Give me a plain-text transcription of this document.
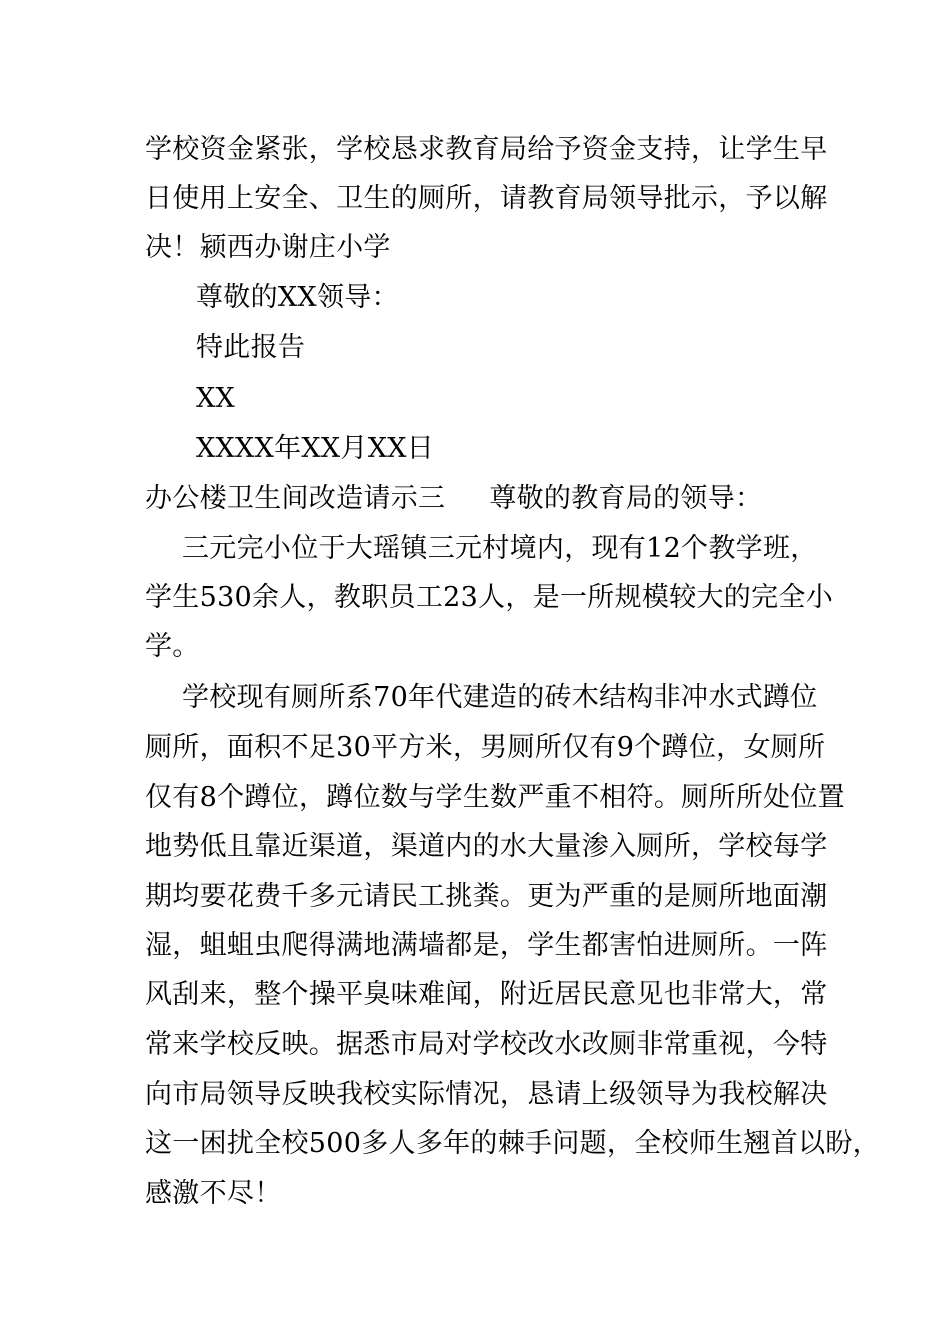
学校资金紧张，学校恳求教育局给予资金支持，让学生早
日使用上安全、卫生的厕所，请教育局领导批示，予以解
决！颍西办谢庄小学
尊敬的XX领导：
特此报告
XX
XXXX年XX月XX日
办公楼卫生间改造请示三 尊敬的教育局的领导：
三元完小位于大瑶镇三元村境内，现有12个教学班，
学生530余人，教职员工23人，是一所规模较大的完全小
学。
学校现有厕所系70年代建造的砖木结构非冲水式蹲位
厕所，面积不足30平方米，男厕所仅有9个蹲位，女厕所
仅有8个蹲位，蹲位数与学生数严重不相符。厕所所处位置
地势低且靠近渠道，渠道内的水大量渗入厕所，学校每学
期均要花费千多元请民工挑粪。更为严重的是厕所地面潮
湿，蛆蛆虫爬得满地满墙都是，学生都害怕进厕所。一阵
风刮来，整个操平臭味难闻，附近居民意见也非常大，常
常来学校反映。据悉市局对学校改水改厕非常重视，今特
向市局领导反映我校实际情况，恳请上级领导为我校解决
这一困扰全校500多人多年的棘手问题，全校师生翘首以盼，
感激不尽！
